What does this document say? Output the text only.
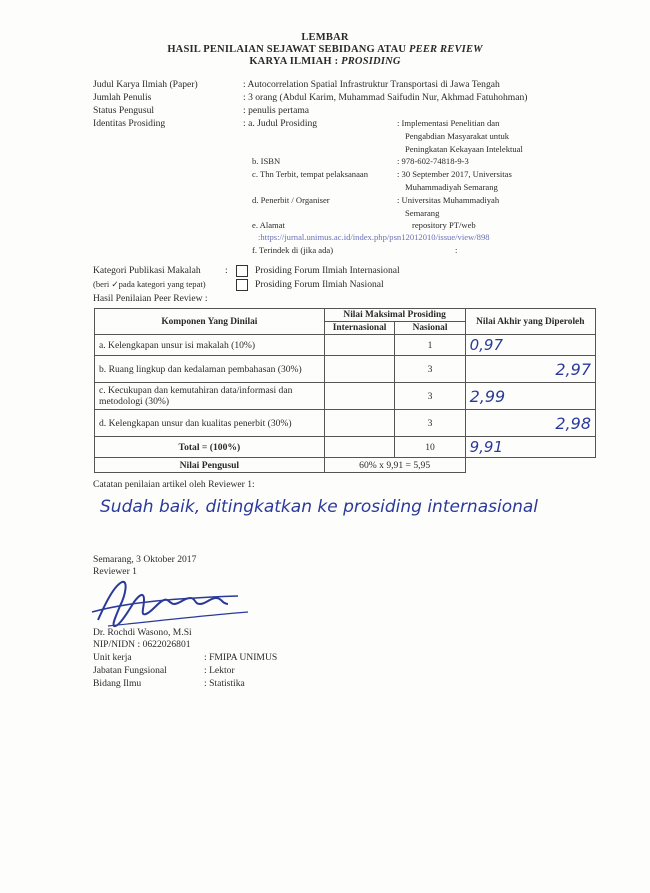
LEMBAR
HASIL PENILAIAN SEJAWAT SEBIDANG ATAU PEER REVIEW
KARYA ILMIAH : PROSIDING
Judul Karya Ilmiah (Paper)	: Autocorrelation Spatial Infrastruktur Transportasi di Jawa Tengah
Jumlah Penulis	: 3 orang (Abdul Karim, Muhammad Saifudin Nur, Akhmad Fatuhohman)
Status Pengusul	: penulis pertama
Identitas Prosiding	: a. Judul Prosiding	: Implementasi Penelitian dan
Pengabdian Masyarakat untuk
Peningkatan Kekayaan Intelektual
b. ISBN	: 978-602-74818-9-3
c. Thn Terbit, tempat pelaksanaan	: 30 September 2017, Universitas
Muhammadiyah Semarang
d. Penerbit / Organiser	: Universitas Muhammadiyah
Semarang
e. Alamat	repository PT/web
:https://jurnal.unimus.ac.id/index.php/psn12012010/issue/view/898
f. Terindek di (jika ada)	:
Kategori Publikasi Makalah
(beri ✓pada kategori yang tepat)
:	Prosiding Forum Ilmiah Internasional
Prosiding Forum Ilmiah Nasional
Hasil Penilaian Peer Review :
Komponen Yang Dinilai	Nilai Maksimal Prosiding		Nilai Akhir yang Diperoleh
	Internasional	Nasional	
a. Kelengkapan unsur isi makalah (10%)		1	0,97
b. Ruang lingkup dan kedalaman pembahasan (30%)		3	2,97
c. Kecukupan dan kemutahiran data/informasi dan metodologi (30%)		3	2,99
d. Kelengkapan unsur dan kualitas penerbit (30%)		3	2,98
Total = (100%)		10	9,91
Nilai Pengusul	60% x 9,91 = 5,95		
Catatan penilaian artikel oleh Reviewer 1:
Sudah baik, ditingkatkan ke prosiding internasional
Semarang, 3 Oktober 2017
Reviewer 1
Dr. Rochdi Wasono, M.Si
NIP/NIDN : 0622026801
Unit kerja	: FMIPA UNIMUS
Jabatan Fungsional	: Lektor
Bidang Ilmu	: Statistika
